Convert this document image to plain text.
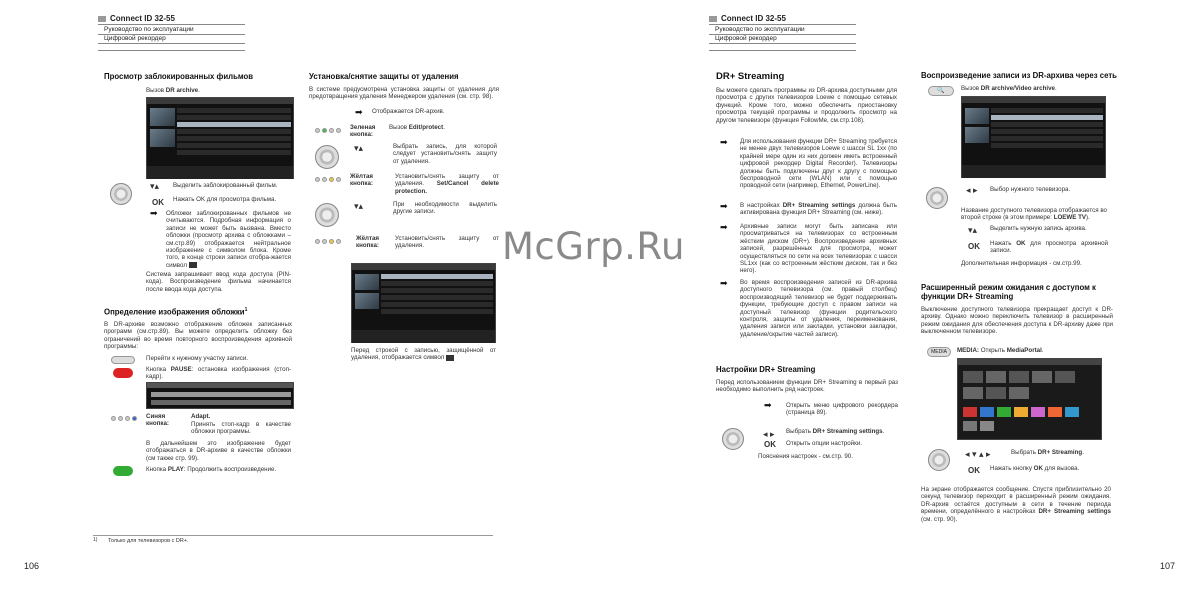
Connect ID 32-55
Руководство по эксплуатации
Цифровой рекордер
Просмотр заблокированных фильмов
Вызов DR archive.
▾▴ Выделить заблокированный фильм.
OK Нажать OK для просмотра фильма.
➡ Обложки заблокированных фильмов не считываются. Подробная информация о записи не может быть вызвана. Вместо обложки (просмотр архива с обложками – см.стр.89) отображается нейтральное изображение с символом блока. Кроме того, в конце строки записи отобра-жается символ
Система запрашивает ввод кода доступа (PIN-кода). Воспроизведение фильма начинается после ввода кода доступа.
Определение изображения обложки$^1$
В DR-архиве возможно отображение обложек записанных программ (см.стр.89). Вы можете определить обложку без ограничений во время повторного воспроизведения архивной программы:
Перейти к нужному участку записи.
Кнопка PAUSE: остановка изображения (стоп-кадр).
Синяя кнопка:
Adapt.
Принять стоп-кадр в качестве обложки программы.
В дальнейшем это изображение будет отображаться в DR-архиве в качестве обложки (см также стр. 99).
Кнопка PLAY: Продолжить воспроизведение.
Установка/снятие защиты от удаления
В системе предусмотрена установка защиты от удаления для предотвращения удаления Менеджером удаления (см. стр. 98).
➡ Отображается DR-архив.
Зеленая кнопка:
Вызов Edit/protect.
▾▴	Выбрать запись, для которой следует установить/снять защиту от удаления.
Жёлтая кнопка:
Установить/снять защиту от удаления. Set/Cancel delete protection.
▾▴	При необходимости выделить другие записи.
Жёлтая кнопка:
Установить/снять защиту от удаления.
Перед строкой с записью, защищённой от удаления, отображается символ
1) Только для телевизоров с DR+.
106
Connect ID 32-55
Руководство по эксплуатации
Цифровой рекордер
DR+ Streaming
Вы можете сделать программы из DR-архива доступными для просмотра с других телевизоров Loewe с помощью сетевых функций. Кроме того, можно обеспечить приостановку просмотра текущей программы и продолжить просмотр на другом телевизоре (функция FollowMe, см.стр.108).
➡ Для использования функции DR+ Streaming требуется не менее двух телевизоров Loewe с шасси SL 1xx (по крайней мере один из них должен иметь встроенный цифровой рекордер Digital Recorder). Телевизоры должны быть подключены друг к другу с помощью беспроводной сети (WLAN) или с помощью проводной сети (например, Ethernet, PowerLine).
➡ В настройках DR+ Streaming settings должна быть активирована функция DR+ Streaming (см. ниже).
➡ Архивные записи могут быть записана или просматриваться на телевизорах со встроенным жёстким диском (DR+). Воспроизведение архивных записей, разрешённых для просмотра, может осуществляться по сети на всех телевизорах с шасси SL1xx (как со встроенным жёстким диском, так и без него).
➡ Во время воспроизведения записей из DR-архива доступного телевизора (см. правый столбец) воспроизводящий телевизор не будет поддерживать функции, требующие доступ с правом записи на доступный телевизор (функции родительского контроля, защиты от удаления, переименования, удаления записи или закладки, установки закладки, удаление/скрытие частей записи).
Настройки DR+ Streaming
Перед использованием функции DR+ Streaming в первый раз необходимо выполнить ряд настроек.
➡ Открыть меню цифрового рекордера (страница 89).
◂ ▸ Выбрать DR+ Streaming settings.
OK Открыть опции настройки.
Пояснения настроек - см.стр. 90.
Воспроизведение записи из DR-архива через сеть
🔍	Вызов DR archive/Video archive.
◂ ▸ Выбор нужного телевизора.
Название доступного телевизора отображается во второй строке (в этом примере: LOEWE TV).
▾▴ Выделить нужную запись архива.
OK Нажать OK для просмотра архивной записи.
Дополнительная информация - см.стр.99.
Расширенный режим ожидания с доступом к функции DR+ Streaming
Выключение доступного телевизора прекращает доступ к DR-архиву. Однако можно переключить телевизор в расширенный режим ожидания для обеспечения доступа к DR-архиву даже при выключенном телевизоре.
MEDIA	MEDIA: Открыть MediaPortal.
◂ ▾ ▴ ▸	Выбрать DR+ Streaming.
OK Нажать кнопку OK для вызова.
На экране отображается сообщение. Спустя приблизительно 20 секунд телевизор переходит в расширенный режим ожидания. DR-архив остаётся доступным в сети в течение периода времени, определённого в настройках DR+ Streaming settings (см. стр. 90).
107
McGrp.Ru
